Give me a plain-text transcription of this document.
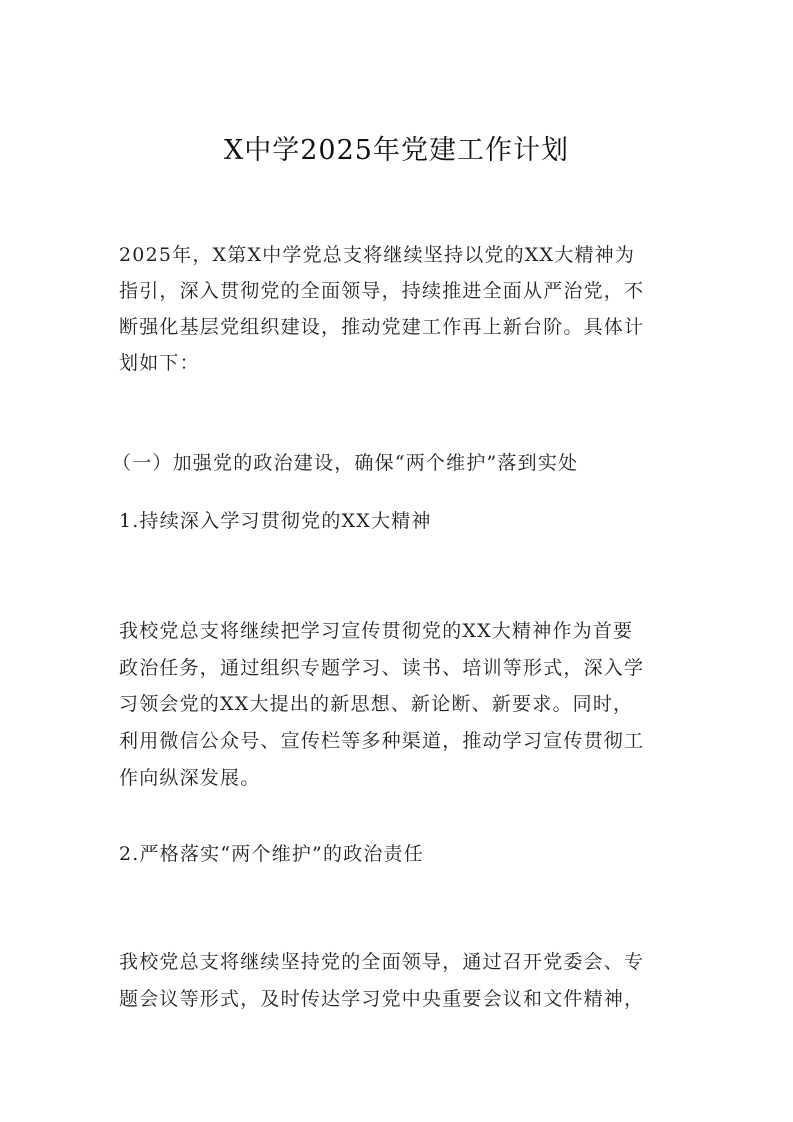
X中学2025年党建工作计划
2025年，X第X中学党总支将继续坚持以党的XX大精神为
指引，深入贯彻党的全面领导，持续推进全面从严治党，不
断强化基层党组织建设，推动党建工作再上新台阶。具体计
划如下：
（一）加强党的政治建设，确保“两个维护”落到实处
1.持续深入学习贯彻党的XX大精神
我校党总支将继续把学习宣传贯彻党的XX大精神作为首要
政治任务，通过组织专题学习、读书、培训等形式，深入学
习领会党的XX大提出的新思想、新论断、新要求。同时，
利用微信公众号、宣传栏等多种渠道，推动学习宣传贯彻工
作向纵深发展。
2.严格落实“两个维护”的政治责任
我校党总支将继续坚持党的全面领导，通过召开党委会、专
题会议等形式，及时传达学习党中央重要会议和文件精神，
